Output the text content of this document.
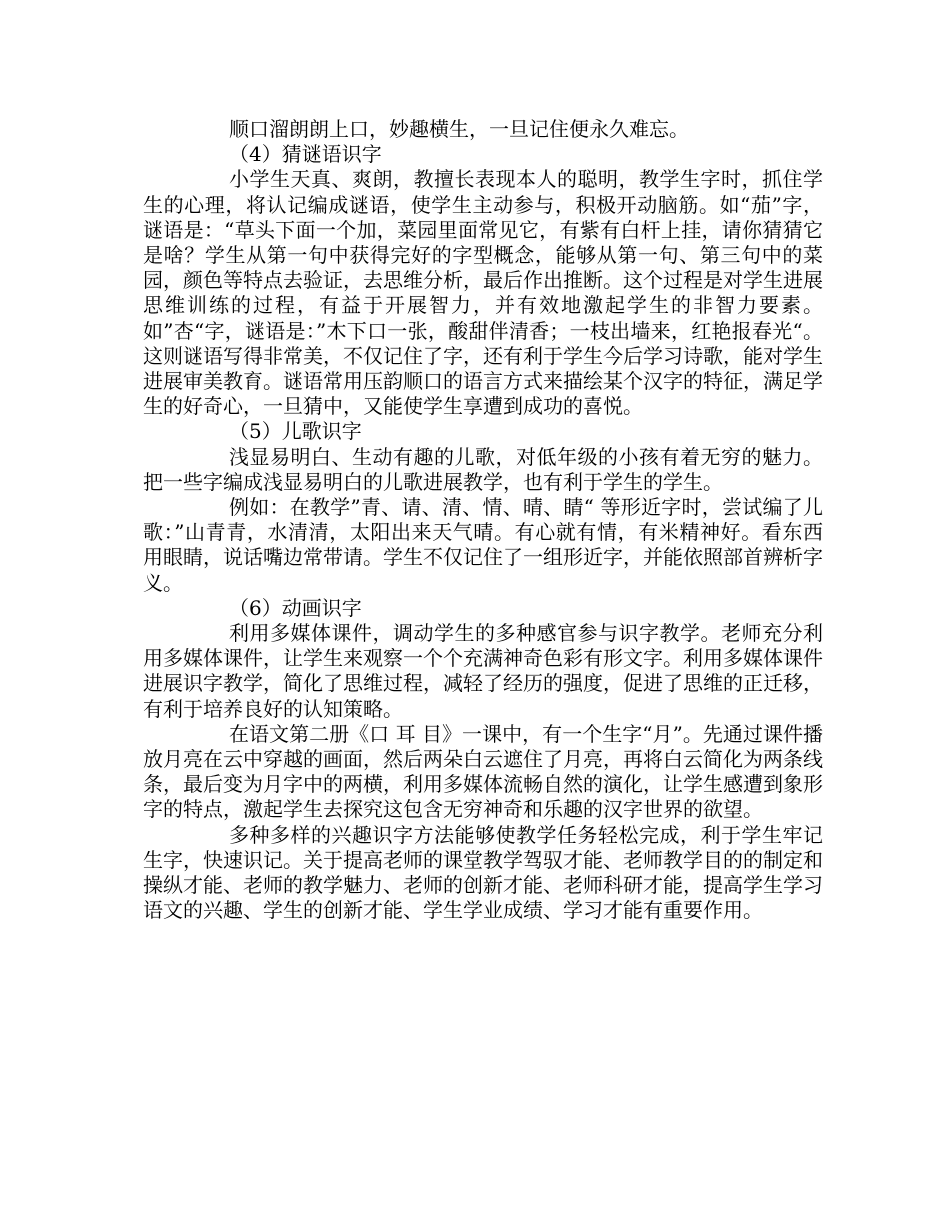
顺口溜朗朗上口，妙趣横生，一旦记住便永久难忘。

（4）猜谜语识字

小学生天真、爽朗，教擅长表现本人的聪明，教学生字时，抓住学生的心理，将认记编成谜语，使学生主动参与，积极开动脑筋。如“茄”字，谜语是：“草头下面一个加，菜园里面常见它，有紫有白杆上挂，请你猜猜它是啥？学生从第一句中获得完好的字型概念，能够从第一句、第三句中的菜园，颜色等特点去验证，去思维分析，最后作出推断。这个过程是对学生进展思维训练的过程，有益于开展智力，并有效地激起学生的非智力要素。如”杏“字，谜语是：”木下口一张，酸甜伴清香；一枝出墙来，红艳报春光“。这则谜语写得非常美，不仅记住了字，还有利于学生今后学习诗歌，能对学生进展审美教育。谜语常用压韵顺口的语言方式来描绘某个汉字的特征，满足学生的好奇心，一旦猜中，又能使学生享遭到成功的喜悦。

（5）儿歌识字

浅显易明白、生动有趣的儿歌，对低年级的小孩有着无穷的魅力。把一些字编成浅显易明白的儿歌进展教学，也有利于学生的学生。

例如：在教学”青、请、清、情、晴、睛“ 等形近字时，尝试编了儿歌：”山青青，水清清，太阳出来天气晴。有心就有情，有米精神好。看东西用眼睛，说话嘴边常带请。学生不仅记住了一组形近字，并能依照部首辨析字义。

（6）动画识字

利用多媒体课件，调动学生的多种感官参与识字教学。老师充分利用多媒体课件，让学生来观察一个个充满神奇色彩有形文字。利用多媒体课件进展识字教学，简化了思维过程，减轻了经历的强度，促进了思维的正迁移，有利于培养良好的认知策略。

在语文第二册《口 耳 目》一课中，有一个生字“月”。先通过课件播放月亮在云中穿越的画面，然后两朵白云遮住了月亮，再将白云简化为两条线条，最后变为月字中的两横，利用多媒体流畅自然的演化，让学生感遭到象形字的特点，激起学生去探究这包含无穷神奇和乐趣的汉字世界的欲望。

多种多样的兴趣识字方法能够使教学任务轻松完成，利于学生牢记生字，快速识记。关于提高老师的课堂教学驾驭才能、老师教学目的的制定和操纵才能、老师的教学魅力、老师的创新才能、老师科研才能，提高学生学习语文的兴趣、学生的创新才能、学生学业成绩、学习才能有重要作用。
